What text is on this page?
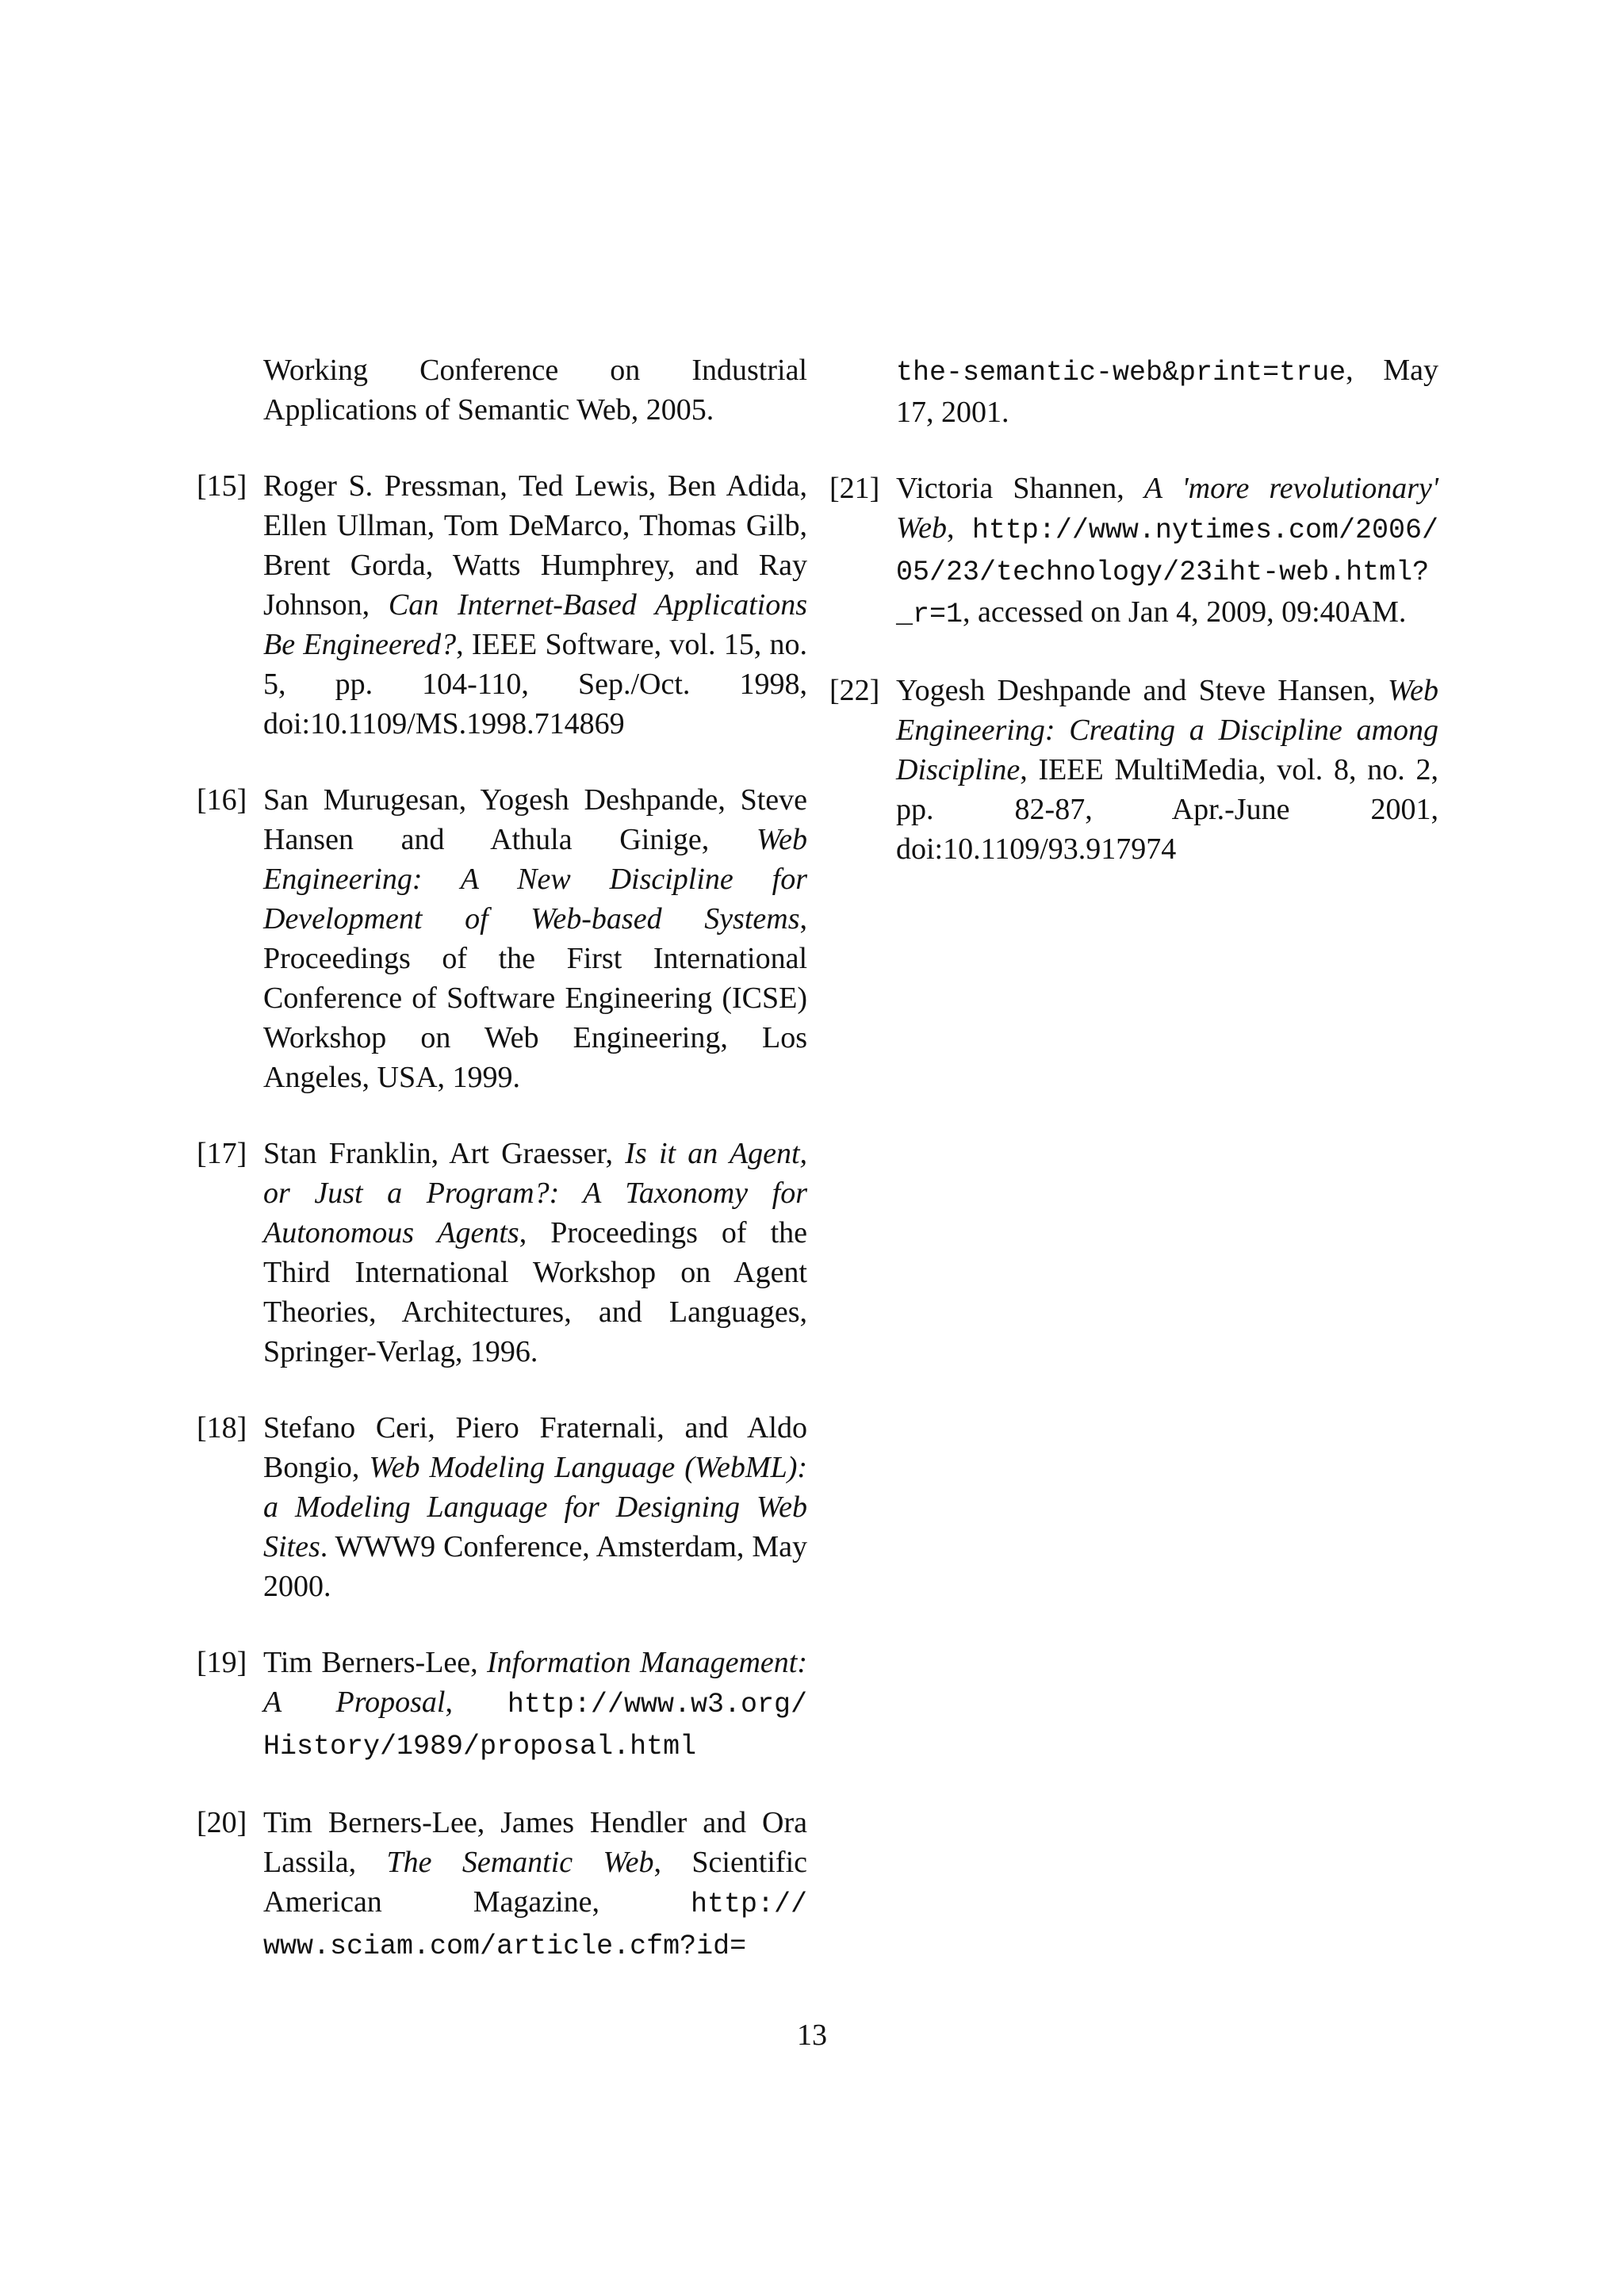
Working Conference on Industrial Applications of Semantic Web, 2005.
[15] Roger S. Pressman, Ted Lewis, Ben Adida, Ellen Ullman, Tom DeMarco, Thomas Gilb, Brent Gorda, Watts Humphrey, and Ray Johnson, Can Internet-Based Applications Be Engineered?, IEEE Software, vol. 15, no. 5, pp. 104-110, Sep./Oct. 1998, doi:10.1109/MS.1998.714869
[16] San Murugesan, Yogesh Deshpande, Steve Hansen and Athula Ginige, Web Engineering: A New Discipline for Development of Web-based Systems, Proceedings of the First International Conference of Software Engineering (ICSE) Workshop on Web Engineering, Los Angeles, USA, 1999.
[17] Stan Franklin, Art Graesser, Is it an Agent, or Just a Program?: A Taxonomy for Autonomous Agents, Proceedings of the Third International Workshop on Agent Theories, Architectures, and Languages, Springer-Verlag, 1996.
[18] Stefano Ceri, Piero Fraternali, and Aldo Bongio, Web Modeling Language (WebML): a Modeling Language for Designing Web Sites. WWW9 Conference, Amsterdam, May 2000.
[19] Tim Berners-Lee, Information Management: A Proposal, http://www.w3.org/History/1989/proposal.html
[20] Tim Berners-Lee, James Hendler and Ora Lassila, The Semantic Web, Scientific American Magazine, http://www.sciam.com/article.cfm?id=
the-semantic-web&print=true, May 17, 2001.
[21] Victoria Shannen, A 'more revolutionary' Web, http://www.nytimes.com/2006/05/23/technology/23iht-web.html?_r=1, accessed on Jan 4, 2009, 09:40AM.
[22] Yogesh Deshpande and Steve Hansen, Web Engineering: Creating a Discipline among Discipline, IEEE MultiMedia, vol. 8, no. 2, pp. 82-87, Apr.-June 2001, doi:10.1109/93.917974
13
